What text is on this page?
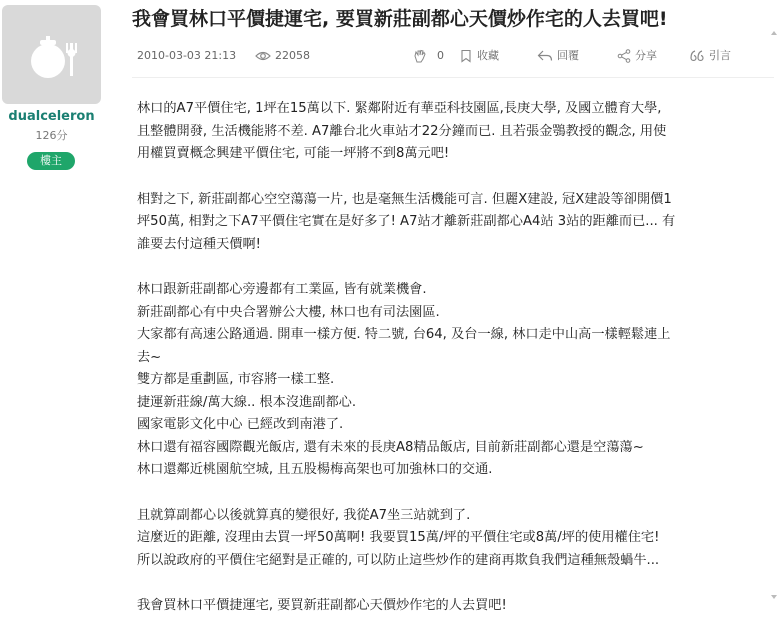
dualceleron
126分
樓主
我會買林口平價捷運宅, 要買新莊副都心天價炒作宅的人去買吧!
2010-03-03 21:13	22058	0	收藏	回覆	分享	引言

林口的A7平價住宅, 1坪在15萬以下. 緊鄰附近有華亞科技園區,長庚大學, 及國立體育大學,
且整體開發, 生活機能將不差. A7離台北火車站才22分鐘而已. 且若張金鶚教授的觀念, 用使
用權買賣概念興建平價住宅, 可能一坪將不到8萬元吧!

相對之下, 新莊副都心空空蕩蕩一片, 也是毫無生活機能可言. 但麗X建設, 冠X建設等卻開價1
坪50萬, 相對之下A7平價住宅實在是好多了! A7站才離新莊副都心A4站 3站的距離而已... 有
誰要去付這種天價啊!

林口跟新莊副都心旁邊都有工業區, 皆有就業機會.
新莊副都心有中央合署辦公大樓, 林口也有司法園區.
大家都有高速公路通過. 開車一樣方便. 特二號, 台64, 及台一線, 林口走中山高一樣輕鬆連上
去~
雙方都是重劃區, 市容將一樣工整.
捷運新莊線/萬大線.. 根本沒進副都心.
國家電影文化中心 已經改到南港了.
林口還有福容國際觀光飯店, 還有未來的長庚A8精品飯店, 目前新莊副都心還是空蕩蕩~
林口還鄰近桃園航空城, 且五股楊梅高架也可加強林口的交通.

且就算副都心以後就算真的變很好, 我從A7坐三站就到了.
這麼近的距離, 沒理由去買一坪50萬啊! 我要買15萬/坪的平價住宅或8萬/坪的使用權住宅!
所以說政府的平價住宅絕對是正確的, 可以防止這些炒作的建商再欺負我們這種無殼蝸牛...

我會買林口平價捷運宅, 要買新莊副都心天價炒作宅的人去買吧!
